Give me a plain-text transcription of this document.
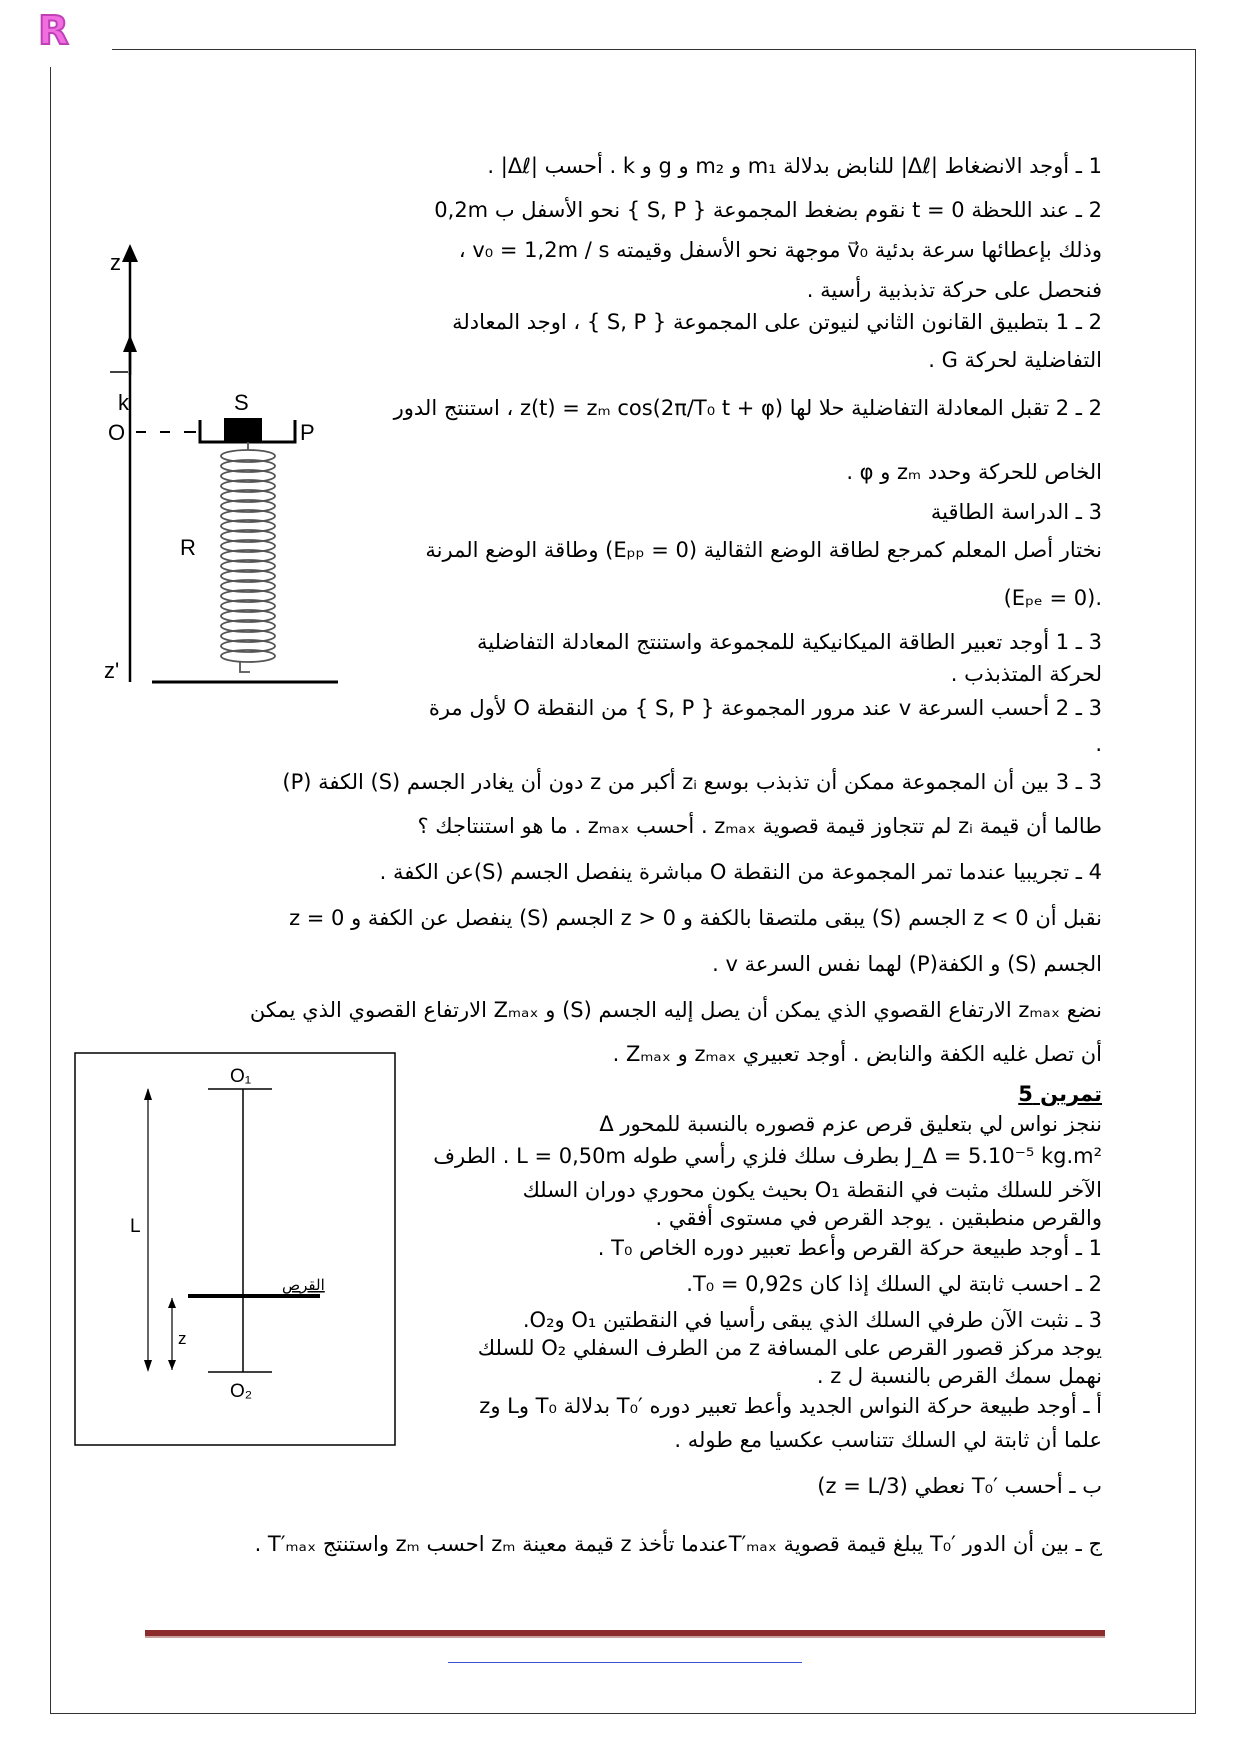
R
z
k
O
S
P
R
z'
O₁
O₂
L
z
القرص
1 ـ أوجد الانضغاط |Δℓ| للنابض بدلالة m₁ و m₂ و g و k . أحسب |Δℓ| .
2 ـ عند اللحظة t = 0 نقوم بضغط المجموعة { S, P } نحو الأسفل ب 0,2m
وذلك بإعطائها سرعة بدئية v⃗₀ موجهة نحو الأسفل وقيمته v₀ = 1,2m / s ،
فنحصل على حركة تذبذبية رأسية .
2 ـ 1 بتطبيق القانون الثاني لنيوتن على المجموعة { S, P } ، اوجد المعادلة
التفاضلية لحركة G .
2 ـ 2 تقبل المعادلة التفاضلية حلا لها z(t) = zₘ cos(2π/T₀ t + φ) ، استنتج الدور
الخاص للحركة وحدد zₘ و φ .
3 ـ الدراسة الطاقية
نختار أصل المعلم كمرجع لطاقة الوضع الثقالية (Eₚₚ = 0) وطاقة الوضع المرنة
.(Eₚₑ = 0)
3 ـ 1 أوجد تعبير الطاقة الميكانيكية للمجموعة واستنتج المعادلة التفاضلية
لحركة المتذبذب .
3 ـ 2 أحسب السرعة v عند مرور المجموعة { S, P } من النقطة O لأول مرة
.
3 ـ 3 بين أن المجموعة ممكن أن تذبذب بوسع zᵢ أكبر من z دون أن يغادر الجسم (S) الكفة (P)
طالما أن قيمة zᵢ لم تتجاوز قيمة قصوية zₘₐₓ . أحسب zₘₐₓ . ما هو استنتاجك ؟
4 ـ تجريبيا عندما تمر المجموعة من النقطة O مباشرة ينفصل الجسم (S)عن الكفة .
نقبل أن z < 0 الجسم (S) يبقى ملتصقا بالكفة و z > 0 الجسم (S) ينفصل عن الكفة و z = 0
الجسم (S) و الكفة(P) لهما نفس السرعة v .
نضع zₘₐₓ الارتفاع القصوي الذي يمكن أن يصل إليه الجسم (S) و Zₘₐₓ الارتفاع القصوي الذي يمكن
أن تصل غليه الكفة والنابض . أوجد تعبيري zₘₐₓ و Zₘₐₓ .
تمرين 5
ننجز نواس لي بتعليق قرص عزم قصوره بالنسبة للمحور Δ
J_Δ = 5.10⁻⁵ kg.m² بطرف سلك فلزي رأسي طوله L = 0,50m . الطرف
الآخر للسلك مثبت في النقطة O₁ بحيث يكون محوري دوران السلك
والقرص منطبقين . يوجد القرص في مستوى أفقي .
1 ـ أوجد طبيعة حركة القرص وأعط تعبير دوره الخاص T₀ .
2 ـ احسب ثابتة لي السلك إذا كان T₀ = 0,92s.
3 ـ نثبت الآن طرفي السلك الذي يبقى رأسيا في النقطتين O₁ وO₂.
يوجد مركز قصور القرص على المسافة z من الطرف السفلي O₂ للسلك
نهمل سمك القرص بالنسبة ل z .
أ ـ أوجد طبيعة حركة النواس الجديد وأعط تعبير دوره T₀′ بدلالة T₀ وL وz
علما أن ثابتة لي السلك تتناسب عكسيا مع طوله .
ب ـ أحسب T₀′ نعطي (z = L/3)
ج ـ بين أن الدور T₀′ يبلغ قيمة قصوية T′ₘₐₓعندما تأخذ z قيمة معينة zₘ احسب zₘ واستنتج T′ₘₐₓ .
